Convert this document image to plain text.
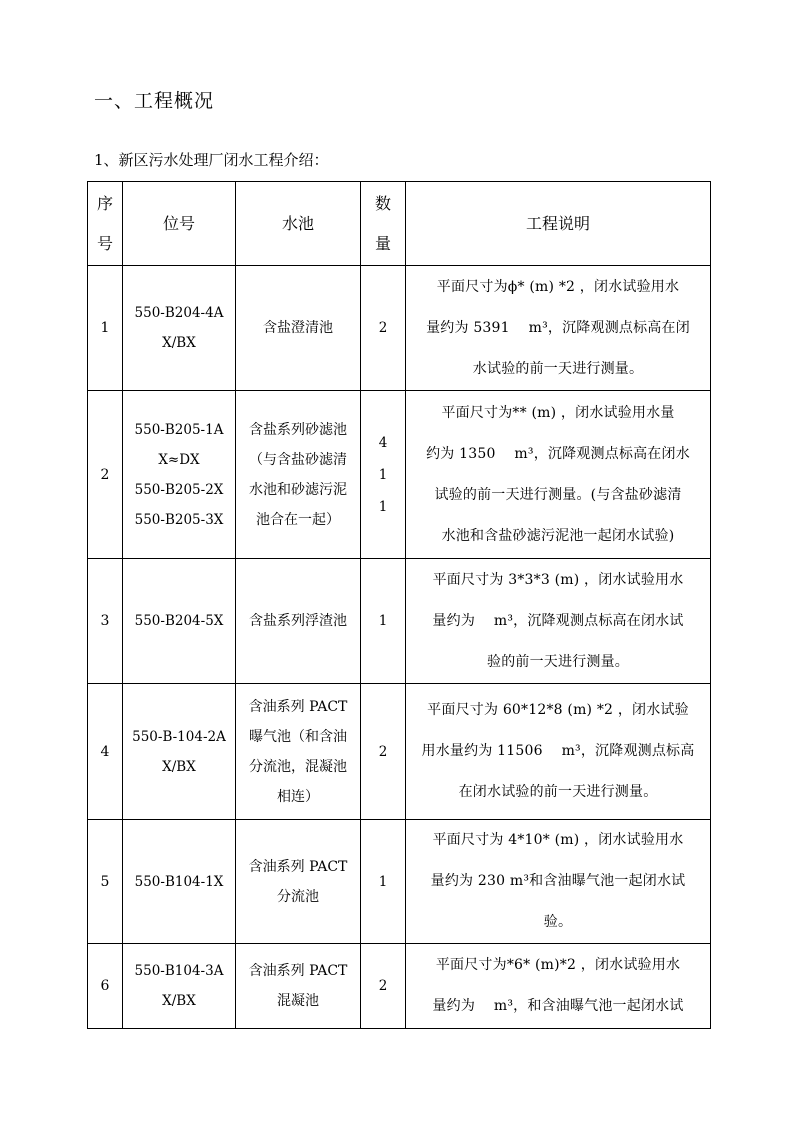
一、工程概况

1、新区污水处理厂闭水工程介绍：

序
号	位号	水池	数
量	工程说明
1	550-B204-4A
X/BX	含盐澄清池	2	平面尺寸为ϕ* (m) *2 ，闭水试验用水
量约为 5391　 m³，沉降观测点标高在闭
水试验的前一天进行测量。

2	550-B205-1A
X≈DX
550-B205-2X
550-B205-3X	含盐系列砂滤池
（与含盐砂滤清
水池和砂滤污泥
池合在一起）	4
1
1	平面尺寸为** (m) ，闭水试验用水量
约为 1350　 m³，沉降观测点标高在闭水
试验的前一天进行测量。(与含盐砂滤清
水池和含盐砂滤污泥池一起闭水试验)

3	550-B204-5X	含盐系列浮渣池	1	平面尺寸为 3*3*3 (m) ，闭水试验用水
量约为　 m³，沉降观测点标高在闭水试
验的前一天进行测量。

4	550-B-104-2A
X/BX	含油系列 PACT
曝气池（和含油
分流池，混凝池
相连）	2	平面尺寸为 60*12*8 (m) *2 ，闭水试验
用水量约为 11506　 m³，沉降观测点标高
在闭水试验的前一天进行测量。

5	550-B104-1X	含油系列 PACT
分流池	1	平面尺寸为 4*10* (m) ，闭水试验用水
量约为 230 m³和含油曝气池一起闭水试
验。

6	550-B104-3A
X/BX	含油系列 PACT
混凝池	2	平面尺寸为*6* (m)*2 ，闭水试验用水
量约为　 m³，和含油曝气池一起闭水试
